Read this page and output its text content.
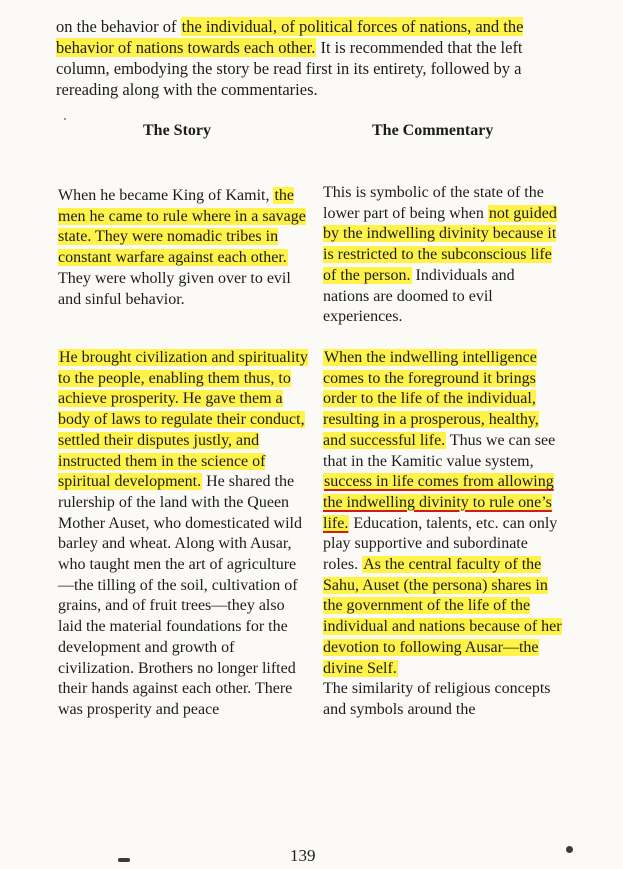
on the behavior of the individual, of political forces of nations, and the behavior of nations towards each other. It is recommended that the left column, embodying the story be read first in its entirety, followed by a rereading along with the commentaries.
The Story	The Commentary

When he became King of Kamit, the men he came to rule where in a savage state. They were nomadic tribes in constant warfare against each other. They were wholly given over to evil and sinful behavior.

He brought civilization and spirituality to the people, enabling them thus, to achieve prosperity. He gave them a body of laws to regulate their conduct, settled their disputes justly, and instructed them in the science of spiritual development. He shared the rulership of the land with the Queen Mother Auset, who domesticated wild barley and wheat. Along with Ausar, who taught men the art of agriculture—the tilling of the soil, cultivation of grains, and of fruit trees—they also laid the material foundations for the development and growth of civilization. Brothers no longer lifted their hands against each other. There was prosperity and peace

This is symbolic of the state of the lower part of being when not guided by the indwelling divinity because it is restricted to the subconscious life of the person. Individuals and nations are doomed to evil experiences.

When the indwelling intelligence comes to the foreground it brings order to the life of the individual, resulting in a prosperous, healthy, and successful life. Thus we can see that in the Kamitic value system, success in life comes from allowing the indwelling divinity to rule one’s life. Education, talents, etc. can only play supportive and subordinate roles. As the central faculty of the Sahu, Auset (the persona) shares in the government of the life of the individual and nations because of her devotion to following Ausar—the divine Self.

The similarity of religious concepts and symbols around the

139
